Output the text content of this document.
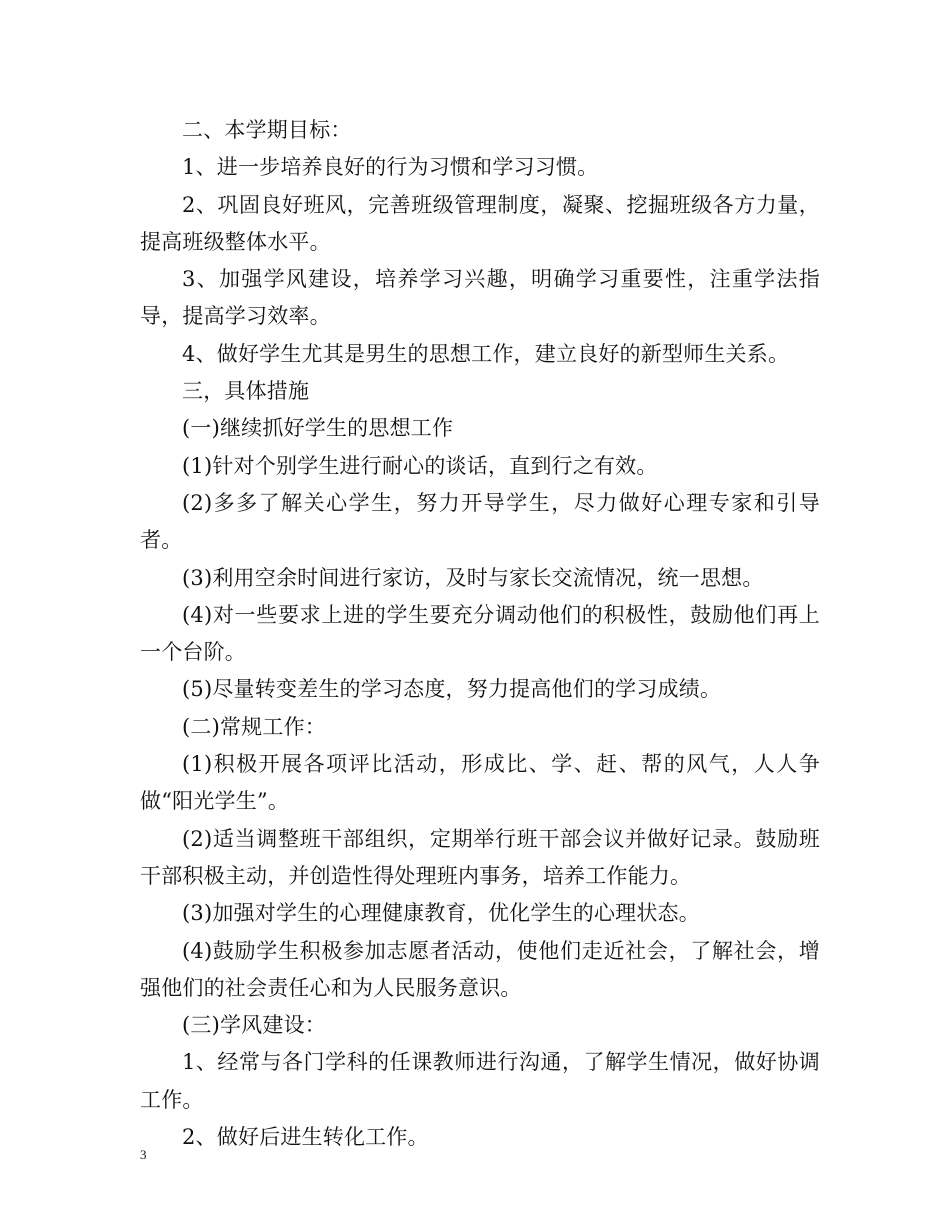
二、本学期目标：

1、进一步培养良好的行为习惯和学习习惯。

2、巩固良好班风，完善班级管理制度，凝聚、挖掘班级各方力量，提高班级整体水平。

3、加强学风建设，培养学习兴趣，明确学习重要性，注重学法指导，提高学习效率。

4、做好学生尤其是男生的思想工作，建立良好的新型师生关系。

三，具体措施

(一)继续抓好学生的思想工作

(1)针对个别学生进行耐心的谈话，直到行之有效。

(2)多多了解关心学生，努力开导学生，尽力做好心理专家和引导者。

(3)利用空余时间进行家访，及时与家长交流情况，统一思想。

(4)对一些要求上进的学生要充分调动他们的积极性，鼓励他们再上一个台阶。

(5)尽量转变差生的学习态度，努力提高他们的学习成绩。

(二)常规工作：

(1)积极开展各项评比活动，形成比、学、赶、帮的风气，人人争做“阳光学生”。

(2)适当调整班干部组织，定期举行班干部会议并做好记录。鼓励班干部积极主动，并创造性得处理班内事务，培养工作能力。

(3)加强对学生的心理健康教育，优化学生的心理状态。

(4)鼓励学生积极参加志愿者活动，使他们走近社会，了解社会，增强他们的社会责任心和为人民服务意识。

(三)学风建设：

1、经常与各门学科的任课教师进行沟通，了解学生情况，做好协调工作。

2、做好后进生转化工作。

3
